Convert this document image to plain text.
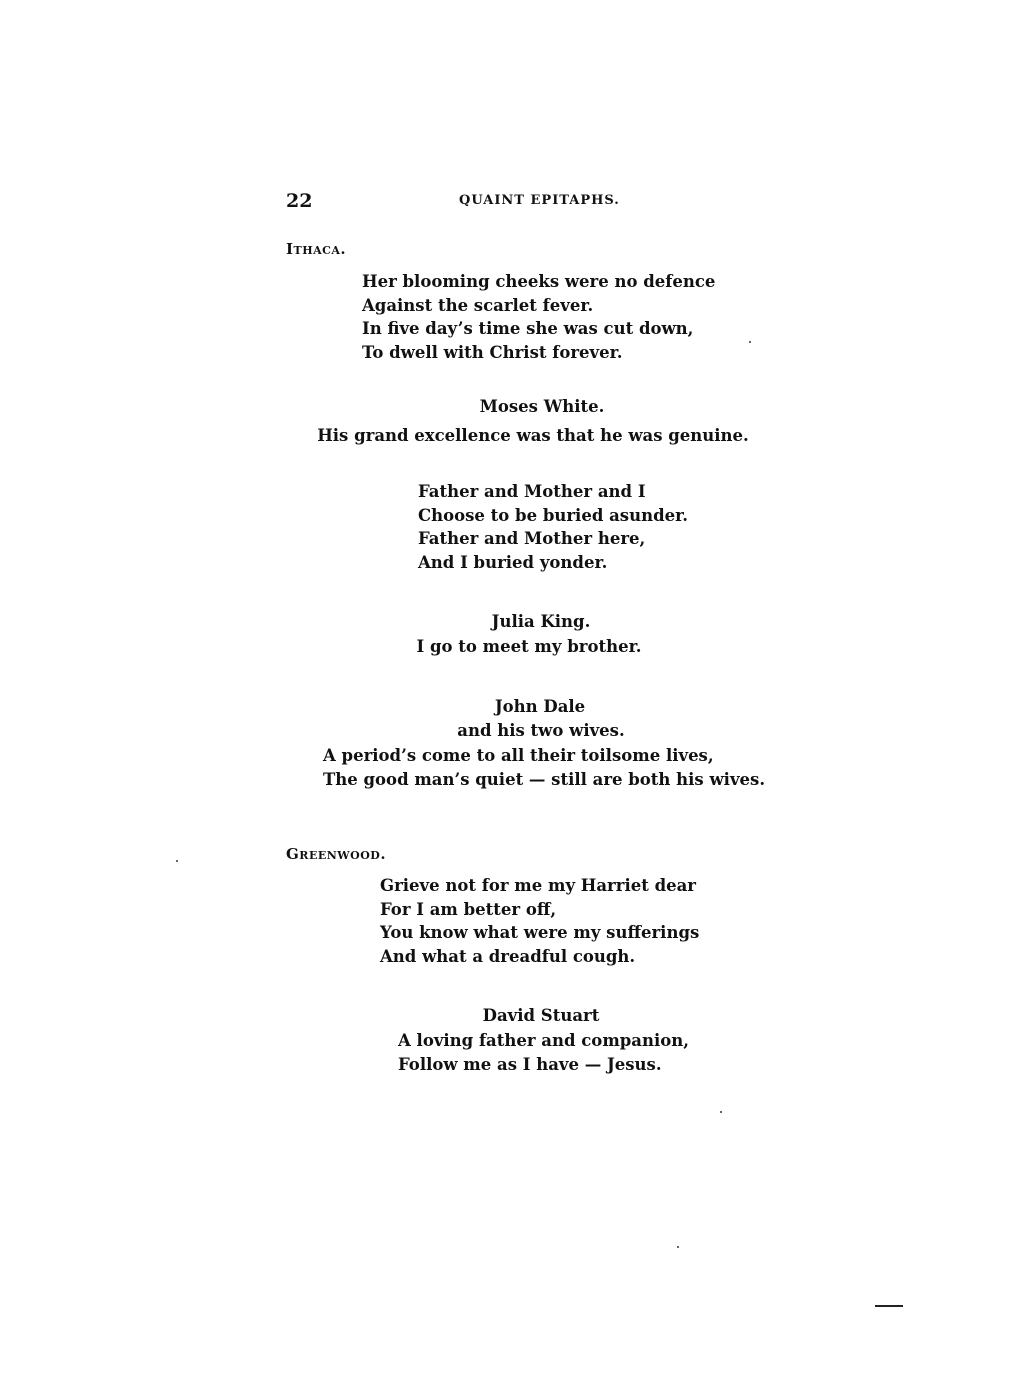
22	QUAINT EPITAPHS.
Ithaca.
Her blooming cheeks were no defence
Against the scarlet fever.
In five day’s time she was cut down,
To dwell with Christ forever.
Moses White.
His grand excellence was that he was genuine.
Father and Mother and I
Choose to be buried asunder.
Father and Mother here,
And I buried yonder.
Julia King.
I go to meet my brother.
John Dale
and his two wives.
A period’s come to all their toilsome lives,
The good man’s quiet — still are both his wives.
Greenwood.
Grieve not for me my Harriet dear
For I am better off,
You know what were my sufferings
And what a dreadful cough.
David Stuart
A loving father and companion,
Follow me as I have — Jesus.
